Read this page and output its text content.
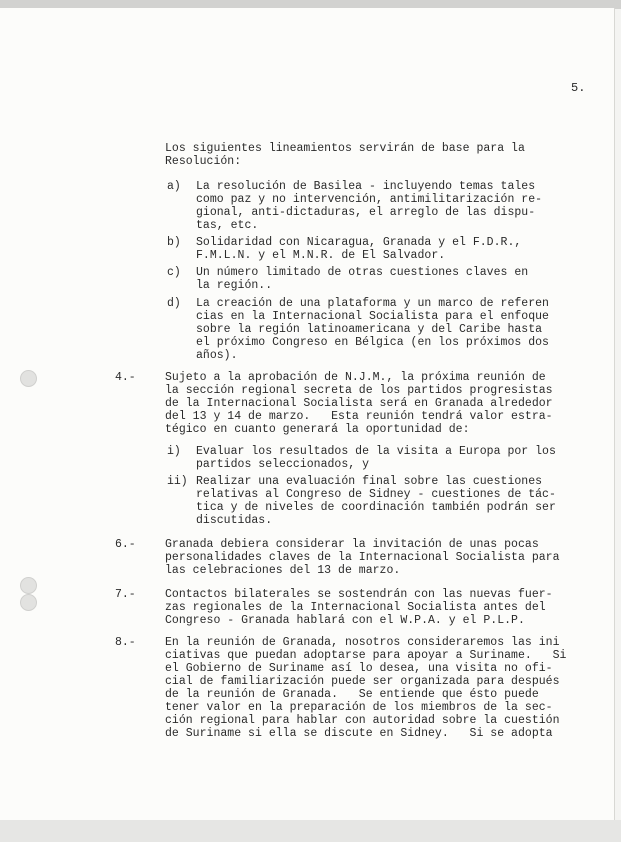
5.
Los siguientes lineamientos servirán de base para la
Resolución:
a) La resolución de Basilea - incluyendo temas tales
como paz y no intervención, antimilitarización re-
gional, anti-dictaduras, el arreglo de las dispu-
tas, etc.
b) Solidaridad con Nicaragua, Granada y el F.D.R.,
F.M.L.N. y el M.N.R. de El Salvador.
c) Un número limitado de otras cuestiones claves en
la región..
d) La creación de una plataforma y un marco de referen
cias en la Internacional Socialista para el enfoque
sobre la región latinoamericana y del Caribe hasta
el próximo Congreso en Bélgica (en los próximos dos
años).
4.-	Sujeto a la aprobación de N.J.M., la próxima reunión de
la sección regional secreta de los partidos progresistas
de la Internacional Socialista será en Granada alrededor
del 13 y 14 de marzo.   Esta reunión tendrá valor estra-
tégico en cuanto generará la oportunidad de:
i) Evaluar los resultados de la visita a Europa por los
partidos seleccionados, y
ii) Realizar una evaluación final sobre las cuestiones
relativas al Congreso de Sidney - cuestiones de tác-
tica y de niveles de coordinación también podrán ser
discutidas.
6.-	Granada debiera considerar la invitación de unas pocas
personalidades claves de la Internacional Socialista para
las celebraciones del 13 de marzo.
7.-	Contactos bilaterales se sostendrán con las nuevas fuer-
zas regionales de la Internacional Socialista antes del
Congreso - Granada hablará con el W.P.A. y el P.L.P.
8.-	En la reunión de Granada, nosotros consideraremos las ini
ciativas que puedan adoptarse para apoyar a Suriname.   Si
el Gobierno de Suriname así lo desea, una visita no ofi-
cial de familiarización puede ser organizada para después
de la reunión de Granada.   Se entiende que ésto puede
tener valor en la preparación de los miembros de la sec-
ción regional para hablar con autoridad sobre la cuestión
de Suriname si ella se discute en Sidney.   Si se adopta
